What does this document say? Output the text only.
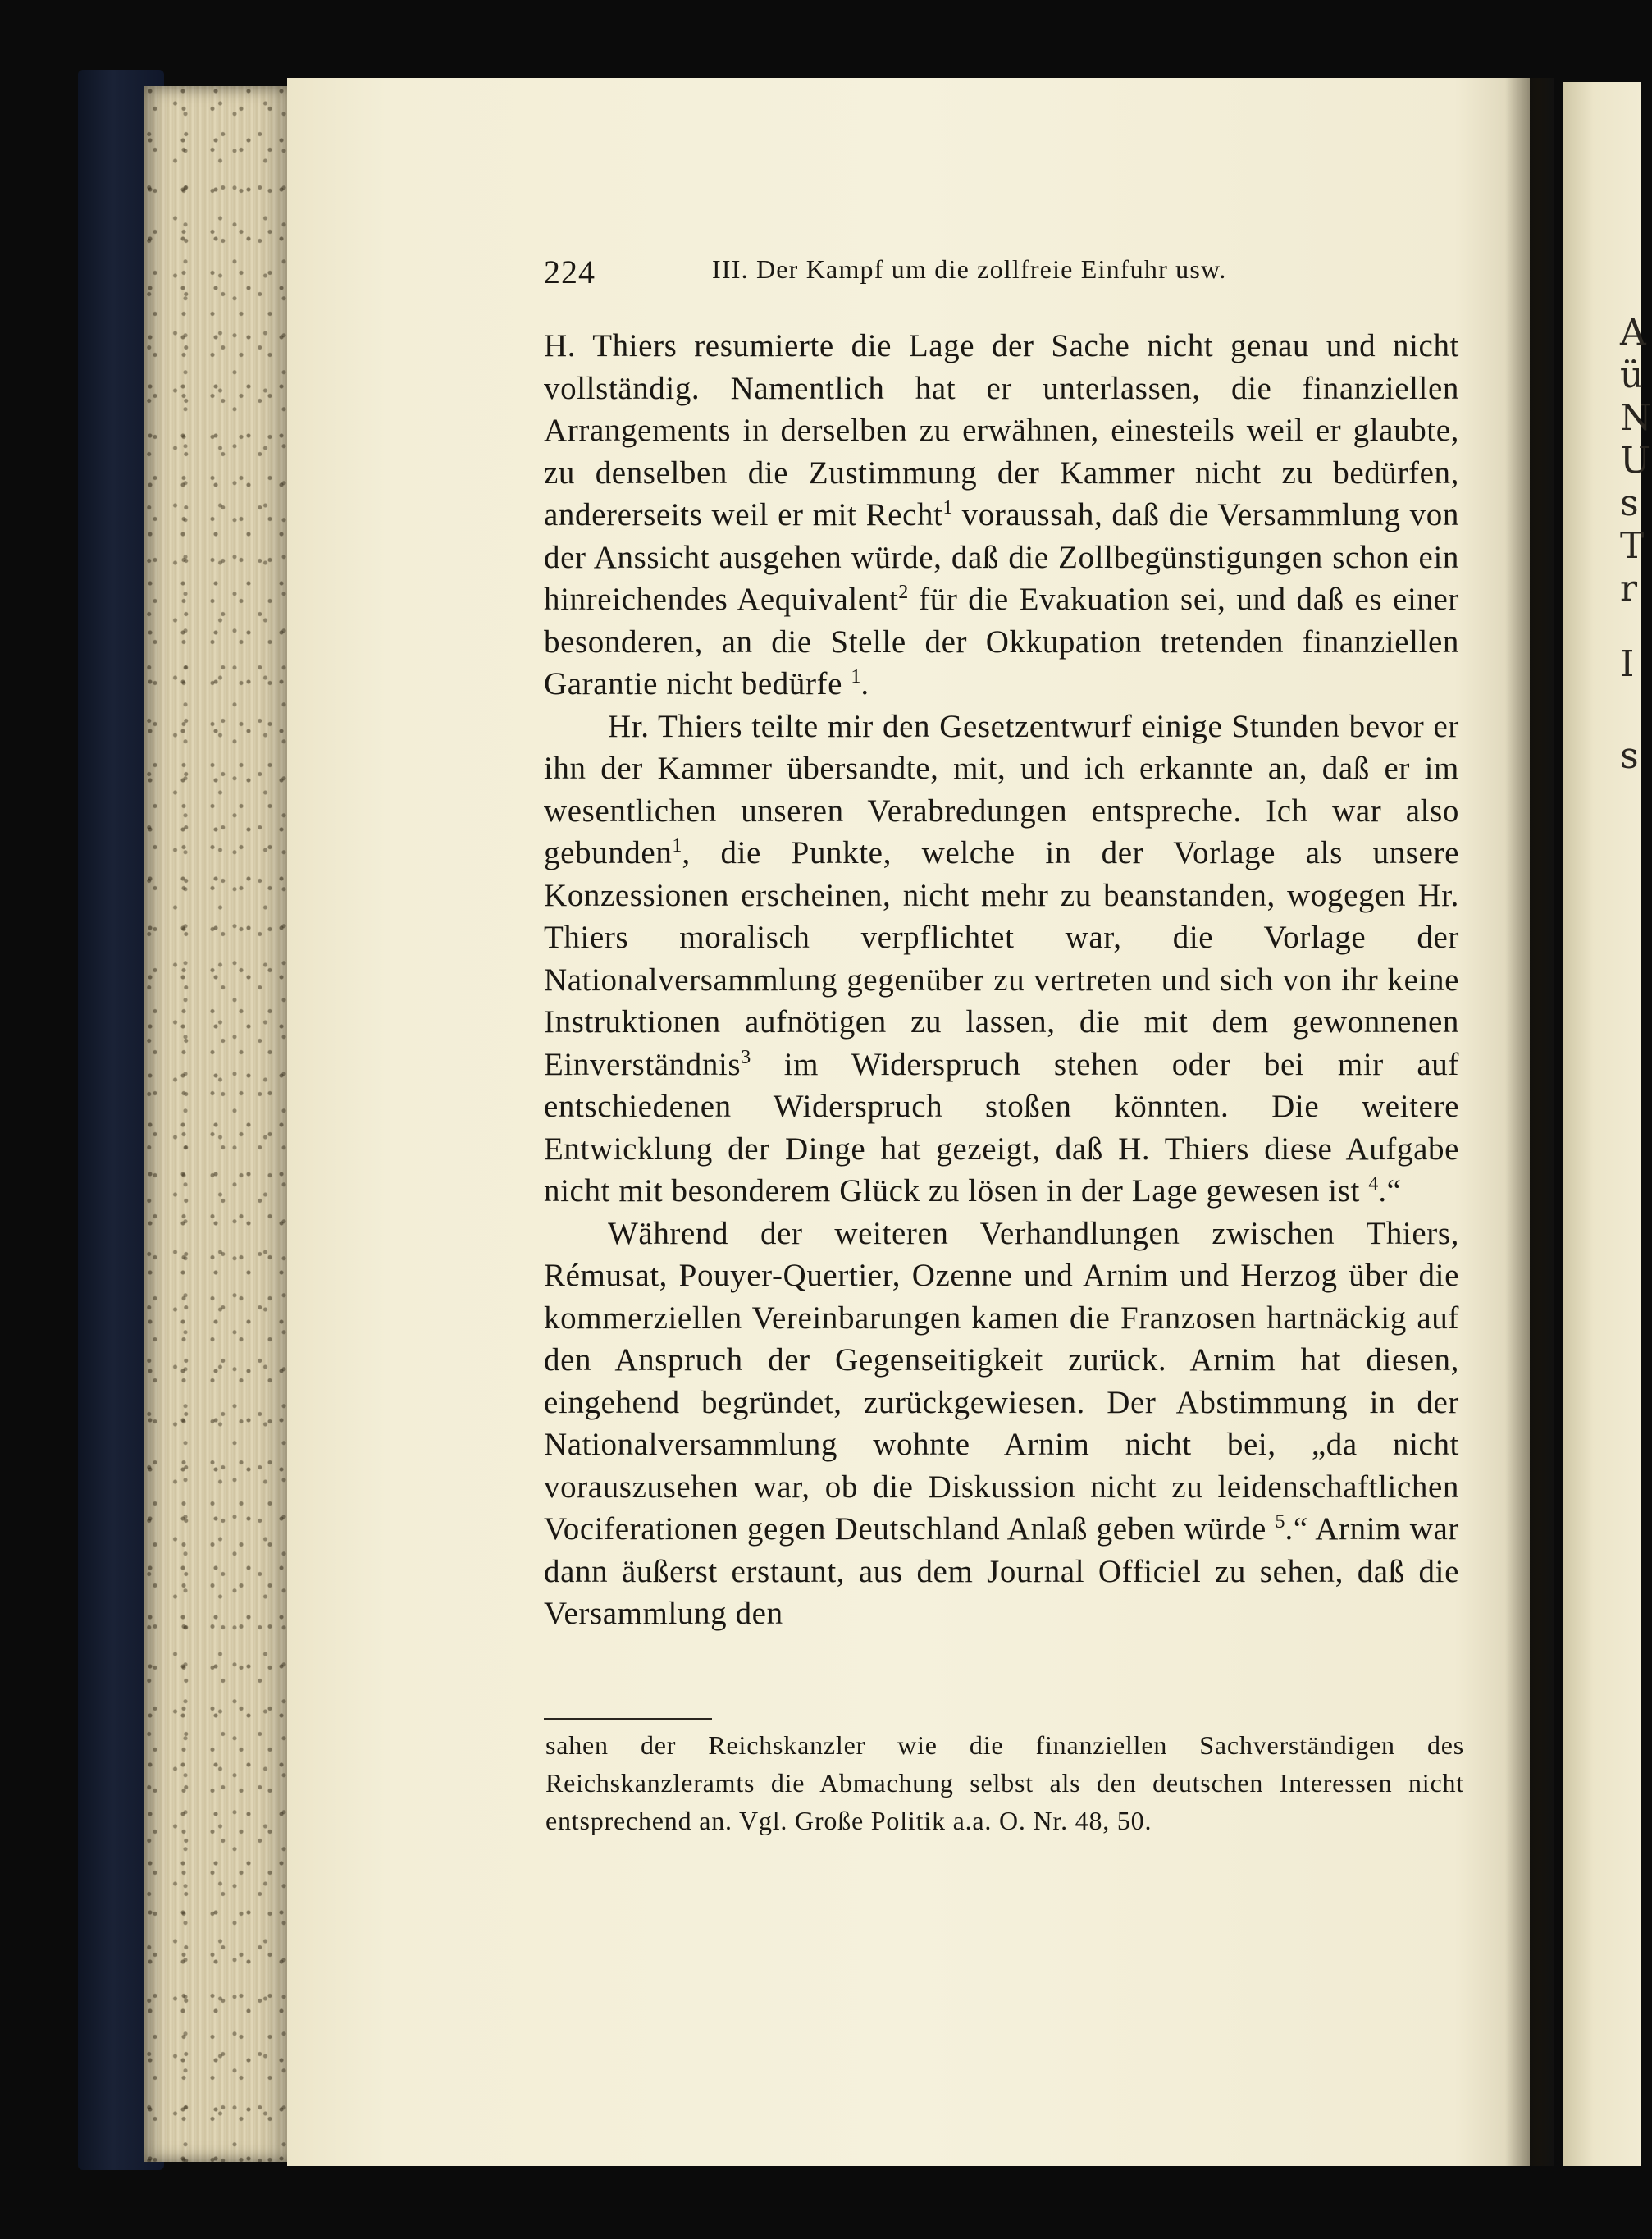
A
ü
N
U
s
T
r
I
s
224	III. Der Kampf um die zollfreie Einfuhr usw.

H. Thiers resumierte die Lage der Sache nicht genau und nicht vollständig. Namentlich hat er unterlassen, die finanziellen Arrangements in derselben zu erwähnen, einesteils weil er glaubte, zu denselben die Zustimmung der Kammer nicht zu bedürfen, andererseits weil er mit Recht$^1$ voraussah, daß die Versammlung von der Anssicht ausgehen würde, daß die Zollbegünstigungen schon ein hinreichendes Aequivalent$^2$ für die Evakuation sei, und daß es einer besonderen, an die Stelle der Okkupation tretenden finanziellen Garantie nicht bedürfe $^1$.

Hr. Thiers teilte mir den Gesetzentwurf einige Stunden bevor er ihn der Kammer übersandte, mit, und ich erkannte an, daß er im wesentlichen unseren Verabredungen entspreche. Ich war also gebunden$^1$, die Punkte, welche in der Vorlage als unsere Konzessionen erscheinen, nicht mehr zu beanstanden, wogegen Hr. Thiers moralisch verpflichtet war, die Vorlage der Nationalversammlung gegenüber zu vertreten und sich von ihr keine Instruktionen aufnötigen zu lassen, die mit dem gewonnenen Einverständnis$^3$ im Widerspruch stehen oder bei mir auf entschiedenen Widerspruch stoßen könnten. Die weitere Entwicklung der Dinge hat gezeigt, daß H. Thiers diese Aufgabe nicht mit besonderem Glück zu lösen in der Lage gewesen ist $^4$.“

Während der weiteren Verhandlungen zwischen Thiers, Rémusat, Pouyer-Quertier, Ozenne und Arnim und Herzog über die kommerziellen Vereinbarungen kamen die Franzosen hartnäckig auf den Anspruch der Gegenseitigkeit zurück. Arnim hat diesen, eingehend begründet, zurückgewiesen. Der Abstimmung in der Nationalversammlung wohnte Arnim nicht bei, „da nicht vorauszusehen war, ob die Diskussion nicht zu leidenschaftlichen Vociferationen gegen Deutschland Anlaß geben würde $^5$.“ Arnim war dann äußerst erstaunt, aus dem Journal Officiel zu sehen, daß die Versammlung den

sahen der Reichskanzler wie die finanziellen Sachverständigen des Reichskanzleramts die Abmachung selbst als den deutschen Interessen nicht entsprechend an. Vgl. Große Politik a.a. O. Nr. 48, 50.
